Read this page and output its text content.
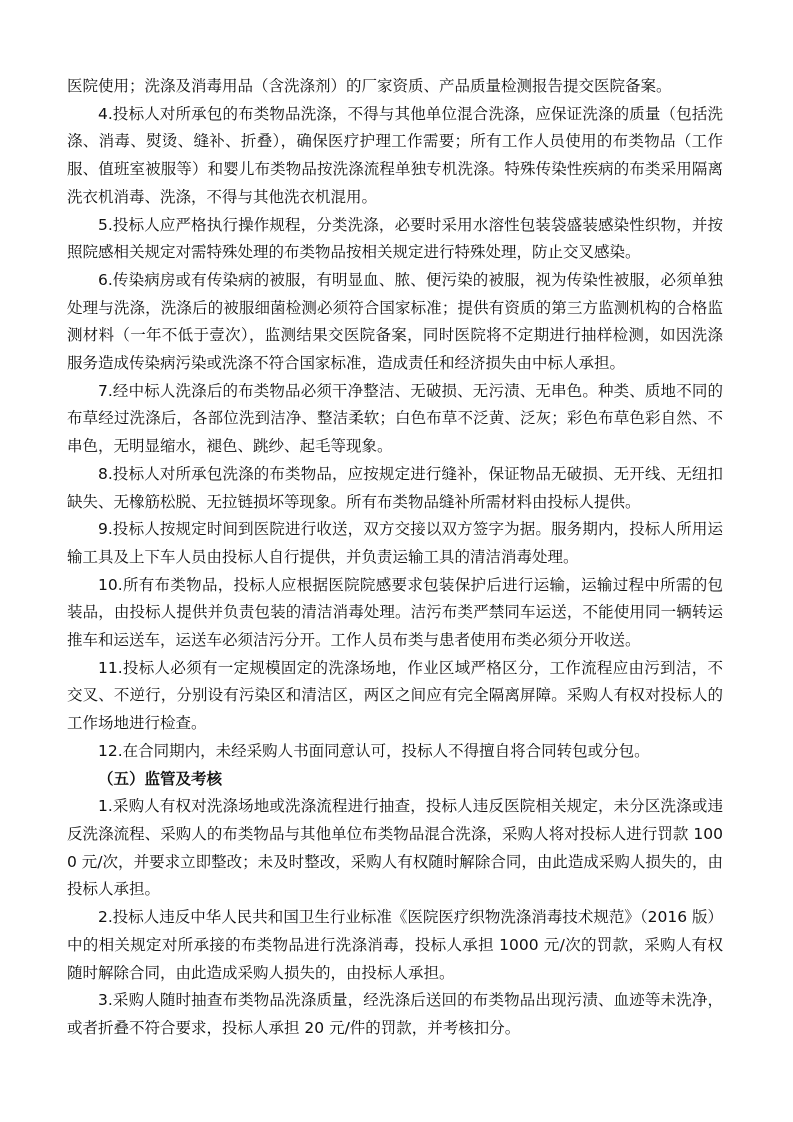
医院使用；洗涤及消毒用品（含洗涤剂）的厂家资质、产品质量检测报告提交医院备案。

4.投标人对所承包的布类物品洗涤，不得与其他单位混合洗涤，应保证洗涤的质量（包括洗涤、消毒、熨烫、缝补、折叠），确保医疗护理工作需要；所有工作人员使用的布类物品（工作服、值班室被服等）和婴儿布类物品按洗涤流程单独专机洗涤。特殊传染性疾病的布类采用隔离洗衣机消毒、洗涤，不得与其他洗衣机混用。

5.投标人应严格执行操作规程，分类洗涤，必要时采用水溶性包装袋盛装感染性织物，并按照院感相关规定对需特殊处理的布类物品按相关规定进行特殊处理，防止交叉感染。

6.传染病房或有传染病的被服，有明显血、脓、便污染的被服，视为传染性被服，必须单独处理与洗涤，洗涤后的被服细菌检测必须符合国家标准；提供有资质的第三方监测机构的合格监测材料（一年不低于壹次），监测结果交医院备案，同时医院将不定期进行抽样检测，如因洗涤服务造成传染病污染或洗涤不符合国家标准，造成责任和经济损失由中标人承担。

7.经中标人洗涤后的布类物品必须干净整洁、无破损、无污渍、无串色。种类、质地不同的布草经过洗涤后，各部位洗到洁净、整洁柔软；白色布草不泛黄、泛灰；彩色布草色彩自然、不串色，无明显缩水，褪色、跳纱、起毛等现象。

8.投标人对所承包洗涤的布类物品，应按规定进行缝补，保证物品无破损、无开线、无纽扣缺失、无橡筋松脱、无拉链损坏等现象。所有布类物品缝补所需材料由投标人提供。

9.投标人按规定时间到医院进行收送，双方交接以双方签字为据。服务期内，投标人所用运输工具及上下车人员由投标人自行提供，并负责运输工具的清洁消毒处理。

10.所有布类物品，投标人应根据医院院感要求包装保护后进行运输，运输过程中所需的包装品，由投标人提供并负责包装的清洁消毒处理。洁污布类严禁同车运送，不能使用同一辆转运推车和运送车，运送车必须洁污分开。工作人员布类与患者使用布类必须分开收送。

11.投标人必须有一定规模固定的洗涤场地，作业区域严格区分，工作流程应由污到洁，不交叉、不逆行，分别设有污染区和清洁区，两区之间应有完全隔离屏障。采购人有权对投标人的工作场地进行检查。

12.在合同期内，未经采购人书面同意认可，投标人不得擅自将合同转包或分包。

（五）监管及考核

1.采购人有权对洗涤场地或洗涤流程进行抽查，投标人违反医院相关规定，未分区洗涤或违反洗涤流程、采购人的布类物品与其他单位布类物品混合洗涤，采购人将对投标人进行罚款 1000 元/次，并要求立即整改；未及时整改，采购人有权随时解除合同，由此造成采购人损失的，由投标人承担。

2.投标人违反中华人民共和国卫生行业标准《医院医疗织物洗涤消毒技术规范》（2016 版）中的相关规定对所承接的布类物品进行洗涤消毒，投标人承担 1000 元/次的罚款，采购人有权随时解除合同，由此造成采购人损失的，由投标人承担。

3.采购人随时抽查布类物品洗涤质量，经洗涤后送回的布类物品出现污渍、血迹等未洗净，或者折叠不符合要求，投标人承担 20 元/件的罚款，并考核扣分。
